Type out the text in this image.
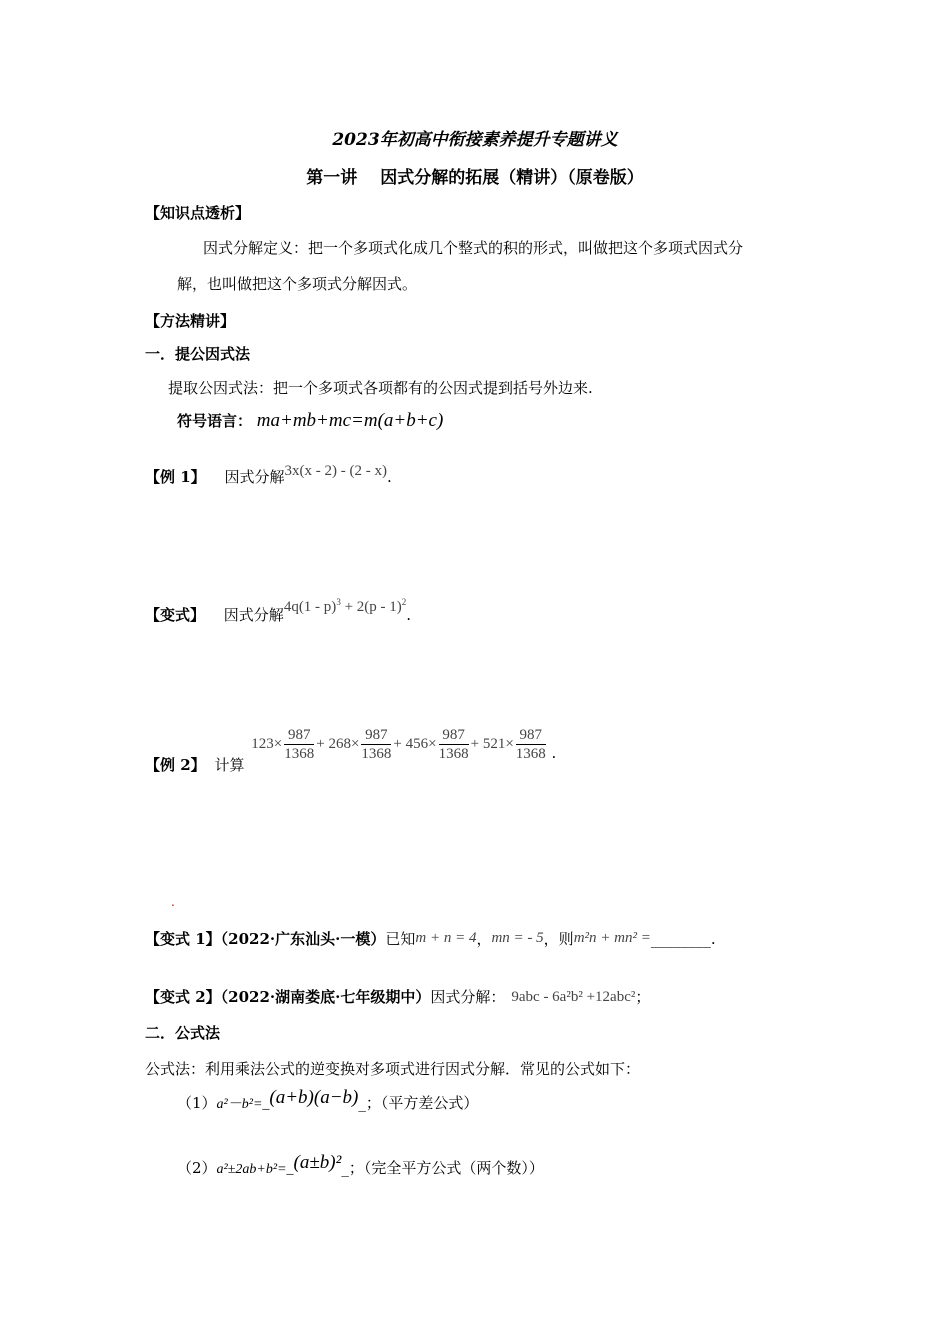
2023年初高中衔接素养提升专题讲义
第一讲　 因式分解的拓展（精讲）（原卷版）
【知识点透析】
因式分解定义：把一个多项式化成几个整式的积的形式，叫做把这个多项式因式分
解，也叫做把这个多项式分解因式。
【方法精讲】
一．提公因式法
提取公因式法：把一个多项式各项都有的公因式提到括号外边来.
符号语言： ma+mb+mc=m(a+b+c)
【例 1】 因式分解3x(x - 2) - (2 - x).
【变式】 因式分解4q(1 - p)$^3$ + 2(p - 1)$^2$.
【例 2】 计算 $123\times \frac{987}{1368} + 268\times \frac{987}{1368} + 456\times \frac{987}{1368} + 521\times \frac{987}{1368}$ .
.
【变式 1】（2022·广东汕头·一模）已知m + n = 4，mn = - 5，则m²n + mn² =________.
【变式 2】（2022·湖南娄底·七年级期中）因式分解： 9abc - 6a²b² +12abc²；
二．公式法
公式法：利用乘法公式的逆变换对多项式进行因式分解．常见的公式如下：
（1）a²－b²=_(a+b)(a−b)_；（平方差公式）
（2）a²±2ab+b²=_(a±b)²_；（完全平方公式（两个数））
